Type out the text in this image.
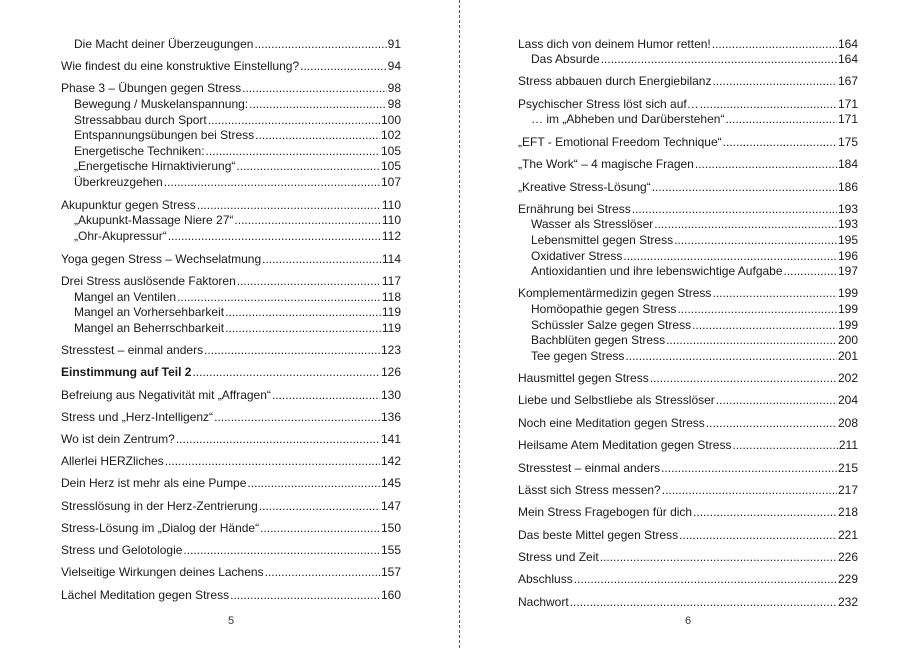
Die Macht deiner Überzeugungen .....	91
Wie findest du eine konstruktive Einstellung? .....	94
Phase 3 – Übungen gegen Stress .....	98
Bewegung / Muskelanspannung: .....	98
Stressabbau durch Sport .....	100
Entspannungsübungen bei Stress .....	102
Energetische Techniken: .....	105
„Energetische Hirnaktivierung“ .....	105
Überkreuzgehen .....	107
Akupunktur gegen Stress .....	110
„Akupunkt-Massage Niere 27“ .....	110
„Ohr-Akupressur“ .....	112
Yoga gegen Stress – Wechselatmung .....	114
Drei Stress auslösende Faktoren .....	117
Mangel an Ventilen .....	118
Mangel an Vorhersehbarkeit .....	119
Mangel an Beherrschbarkeit .....	119
Stresstest – einmal anders .....	123
Einstimmung auf Teil 2 .....	126
Befreiung aus Negativität mit „Affragen“ .....	130
Stress und „Herz-Intelligenz“ .....	136
Wo ist dein Zentrum? .....	141
Allerlei HERZliches .....	142
Dein Herz ist mehr als eine Pumpe .....	145
Stresslösung in der Herz-Zentrierung .....	147
Stress-Lösung im „Dialog der Hände“ .....	150
Stress und Gelotologie .....	155
Vielseitige Wirkungen deines Lachens .....	157
Lächel Meditation gegen Stress .....	160
5
Lass dich von deinem Humor retten! .....	164
Das Absurde .....	164
Stress abbauen durch Energiebilanz .....	167
Psychischer Stress löst sich auf… .....	171
… im „Abheben und Darüberstehen“ .....	171
„EFT - Emotional Freedom Technique“ .....	175
„The Work“ – 4 magische Fragen .....	184
„Kreative Stress-Lösung“ .....	186
Ernährung bei Stress .....	193
Wasser als Stresslöser .....	193
Lebensmittel gegen Stress .....	195
Oxidativer Stress .....	196
Antioxidantien und ihre lebenswichtige Aufgabe .....	197
Komplementärmedizin gegen Stress .....	199
Homöopathie gegen Stress .....	199
Schüssler Salze gegen Stress .....	199
Bachblüten gegen Stress .....	200
Tee gegen Stress .....	201
Hausmittel gegen Stress .....	202
Liebe und Selbstliebe als Stresslöser .....	204
Noch eine Meditation gegen Stress .....	208
Heilsame Atem Meditation gegen Stress .....	211
Stresstest – einmal anders .....	215
Lässt sich Stress messen? .....	217
Mein Stress Fragebogen für dich .....	218
Das beste Mittel gegen Stress .....	221
Stress und Zeit .....	226
Abschluss .....	229
Nachwort .....	232
6
